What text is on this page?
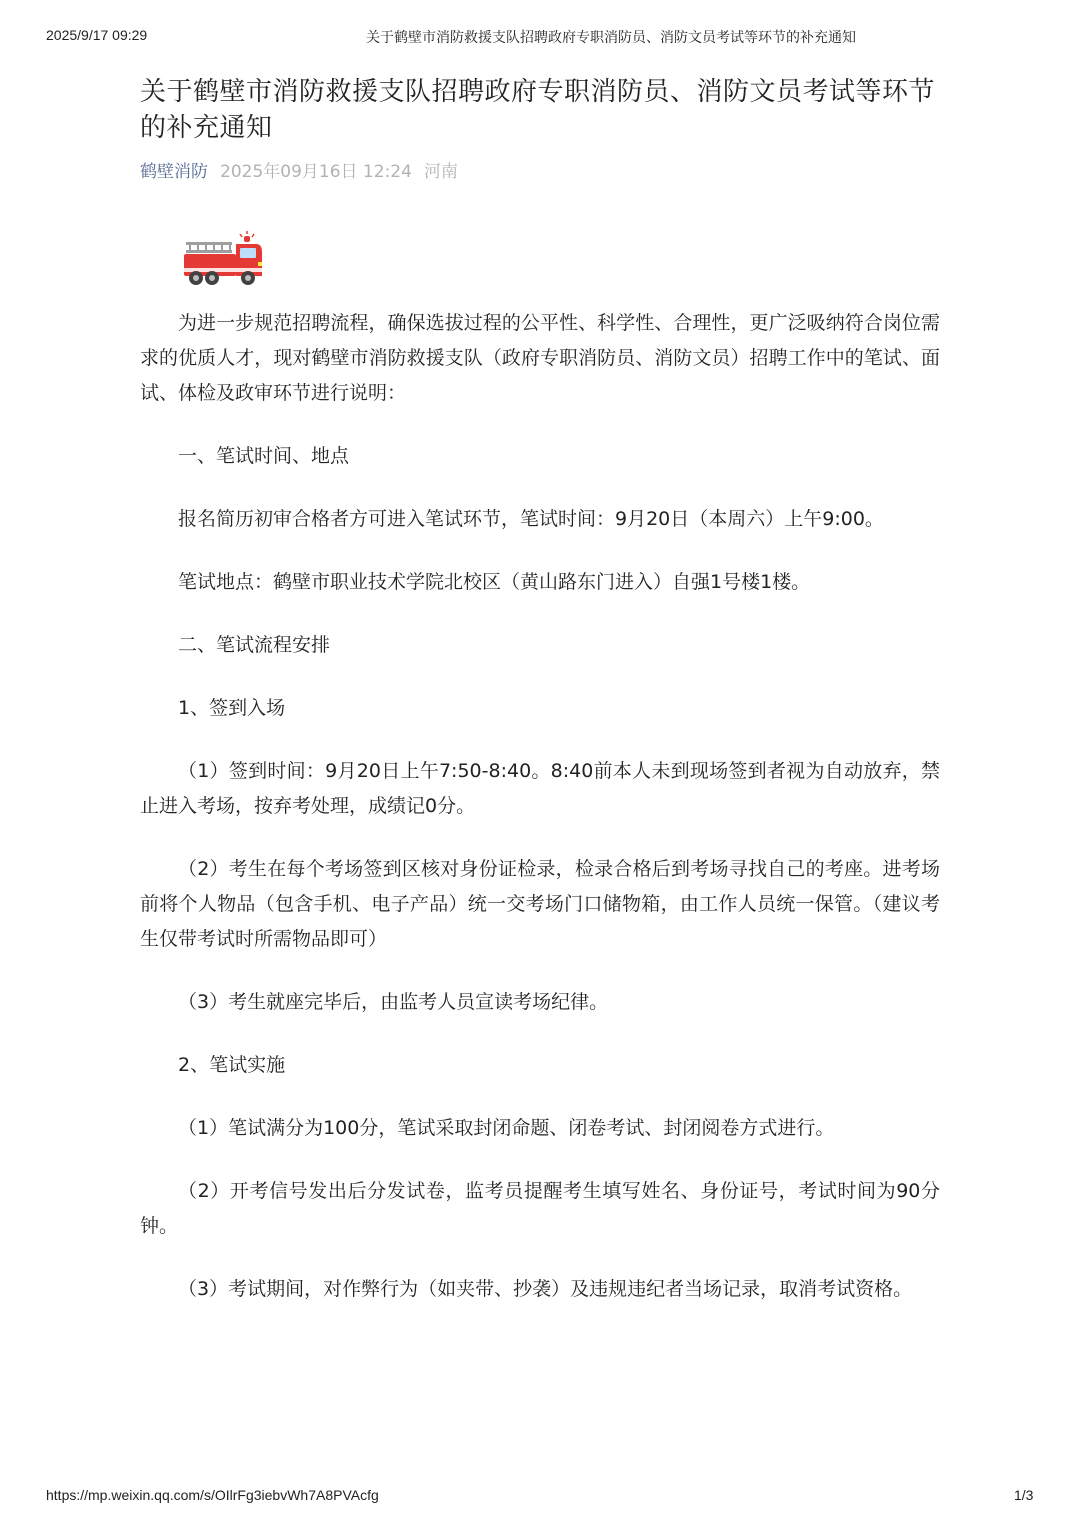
2025/9/17 09:29	关于鹤壁市消防救援支队招聘政府专职消防员、消防文员考试等环节的补充通知
关于鹤壁市消防救援支队招聘政府专职消防员、消防文员考试等环节的补充通知
鹤壁消防 2025年09月16日 12:24 河南

为进一步规范招聘流程，确保选拔过程的公平性、科学性、合理性，更广泛吸纳符合岗位需求的优质人才，现对鹤壁市消防救援支队（政府专职消防员、消防文员）招聘工作中的笔试、面试、体检及政审环节进行说明：

一、笔试时间、地点

报名简历初审合格者方可进入笔试环节，笔试时间：9月20日（本周六）上午9:00。

笔试地点：鹤壁市职业技术学院北校区（黄山路东门进入）自强1号楼1楼。

二、笔试流程安排

1、签到入场

（1）签到时间：9月20日上午7:50-8:40。8:40前本人未到现场签到者视为自动放弃，禁止进入考场，按弃考处理，成绩记0分。

（2）考生在每个考场签到区核对身份证检录，检录合格后到考场寻找自己的考座。进考场前将个人物品（包含手机、电子产品）统一交考场门口储物箱，由工作人员统一保管。（建议考生仅带考试时所需物品即可）

（3）考生就座完毕后，由监考人员宣读考场纪律。

2、笔试实施

（1）笔试满分为100分，笔试采取封闭命题、闭卷考试、封闭阅卷方式进行。

（2）开考信号发出后分发试卷，监考员提醒考生填写姓名、身份证号，考试时间为90分钟。

（3）考试期间，对作弊行为（如夹带、抄袭）及违规违纪者当场记录，取消考试资格。

https://mp.weixin.qq.com/s/OIlrFg3iebvWh7A8PVAcfg	1/3
